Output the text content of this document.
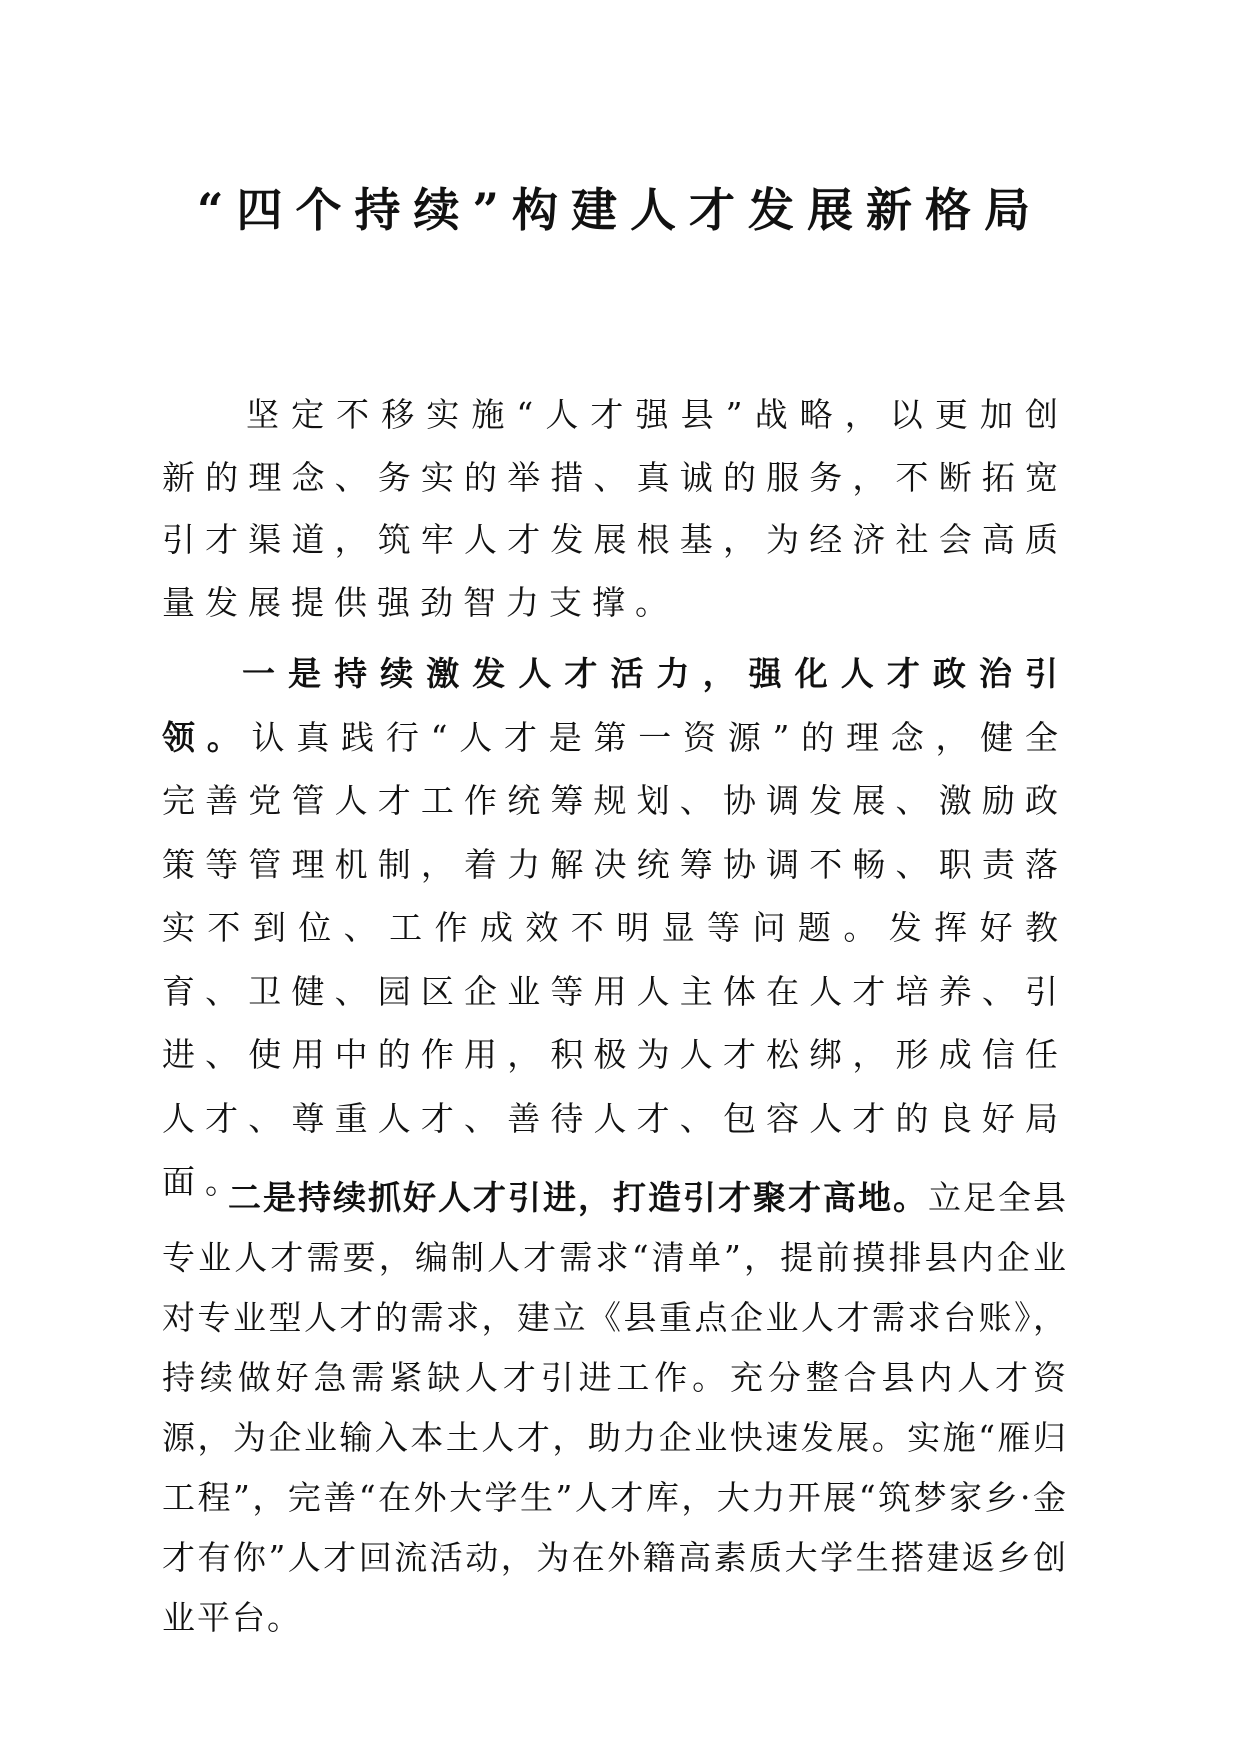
“四个持续”构建人才发展新格局

坚定不移实施“人才强县”战略，以更加创新的理念、务实的举措、真诚的服务，不断拓宽引才渠道，筑牢人才发展根基，为经济社会高质量发展提供强劲智力支撑。

一是持续激发人才活力，强化人才政治引领。认真践行“人才是第一资源”的理念，健全完善党管人才工作统筹规划、协调发展、激励政策等管理机制，着力解决统筹协调不畅、职责落实不到位、工作成效不明显等问题。发挥好教育、卫健、园区企业等用人主体在人才培养、引进、使用中的作用，积极为人才松绑，形成信任人才、尊重人才、善待人才、包容人才的良好局面。

二是持续抓好人才引进，打造引才聚才高地。立足全县专业人才需要，编制人才需求“清单”，提前摸排县内企业对专业型人才的需求，建立《县重点企业人才需求台账》，持续做好急需紧缺人才引进工作。充分整合县内人才资源，为企业输入本土人才，助力企业快速发展。实施“雁归工程”，完善“在外大学生”人才库，大力开展“筑梦家乡·金才有你”人才回流活动，为在外籍高素质大学生搭建返乡创业平台。
